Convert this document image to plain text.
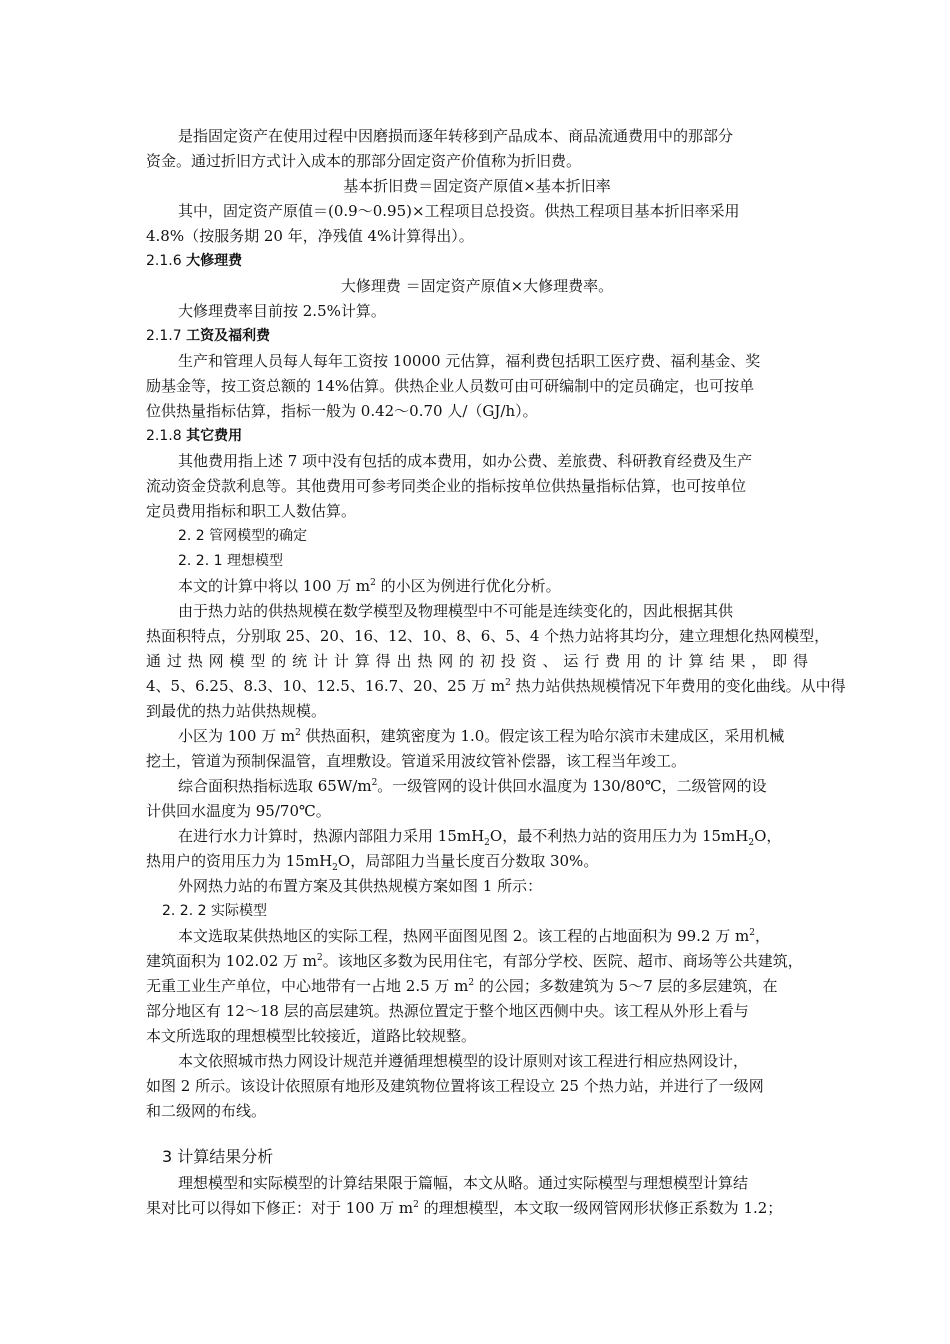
是指固定资产在使用过程中因磨损而逐年转移到产品成本、商品流通费用中的那部分
资金。通过折旧方式计入成本的那部分固定资产价值称为折旧费。
基本折旧费＝固定资产原值×基本折旧率
其中，固定资产原值＝(0.9～0.95)×工程项目总投资。供热工程项目基本折旧率采用
4.8%（按服务期 20 年，净残值 4%计算得出）。
2.1.6 大修理费
大修理费 ＝固定资产原值×大修理费率。
大修理费率目前按 2.5%计算。
2.1.7 工资及福利费
生产和管理人员每人每年工资按 10000 元估算，福利费包括职工医疗费、福利基金、奖
励基金等，按工资总额的 14%估算。供热企业人员数可由可研编制中的定员确定，也可按单
位供热量指标估算，指标一般为 0.42～0.70 人/（GJ/h）。
2.1.8 其它费用
其他费用指上述 7 项中没有包括的成本费用，如办公费、差旅费、科研教育经费及生产
流动资金贷款利息等。其他费用可参考同类企业的指标按单位供热量指标估算，也可按单位
定员费用指标和职工人数估算。
2. 2 管网模型的确定
2. 2. 1 理想模型
本文的计算中将以 100 万 $m^2$ 的小区为例进行优化分析。
由于热力站的供热规模在数学模型及物理模型中不可能是连续变化的，因此根据其供
热面积特点，分别取 25、20、16、12、10、8、6、5、4 个热力站将其均分，建立理想化热网模型，
通过热网模型的统计计算得出热网的初投资、运行费用的计算结果，即得
4、5、6.25、8.3、10、12.5、16.7、20、25 万 $m^2$ 热力站供热规模情况下年费用的变化曲线。从中得
到最优的热力站供热规模。
小区为 100 万 $m^2$ 供热面积，建筑密度为 1.0。假定该工程为哈尔滨市未建成区，采用机械
挖土，管道为预制保温管，直埋敷设。管道采用波纹管补偿器，该工程当年竣工。
综合面积热指标选取 $65W/m^2$。一级管网的设计供回水温度为 130/80℃，二级管网的设
计供回水温度为 95/70℃。
在进行水力计算时，热源内部阻力采用 $15mH_2O$，最不利热力站的资用压力为 $15mH_2O$，
热用户的资用压力为 $15mH_2O$，局部阻力当量长度百分数取 30%。
外网热力站的布置方案及其供热规模方案如图 1 所示：
2. 2. 2 实际模型
本文选取某供热地区的实际工程，热网平面图见图 2。该工程的占地面积为 99.2 万 $m^2$，
建筑面积为 102.02 万 $m^2$。该地区多数为民用住宅，有部分学校、医院、超市、商场等公共建筑，
无重工业生产单位，中心地带有一占地 2.5 万 $m^2$ 的公园；多数建筑为 5～7 层的多层建筑，在
部分地区有 12～18 层的高层建筑。热源位置定于整个地区西侧中央。该工程从外形上看与
本文所选取的理想模型比较接近，道路比较规整。
本文依照城市热力网设计规范并遵循理想模型的设计原则对该工程进行相应热网设计，
如图 2 所示。该设计依照原有地形及建筑物位置将该工程设立 25 个热力站，并进行了一级网
和二级网的布线。
3 计算结果分析
理想模型和实际模型的计算结果限于篇幅，本文从略。通过实际模型与理想模型计算结
果对比可以得如下修正：对于 100 万 $m^2$ 的理想模型，本文取一级网管网形状修正系数为 1.2；
